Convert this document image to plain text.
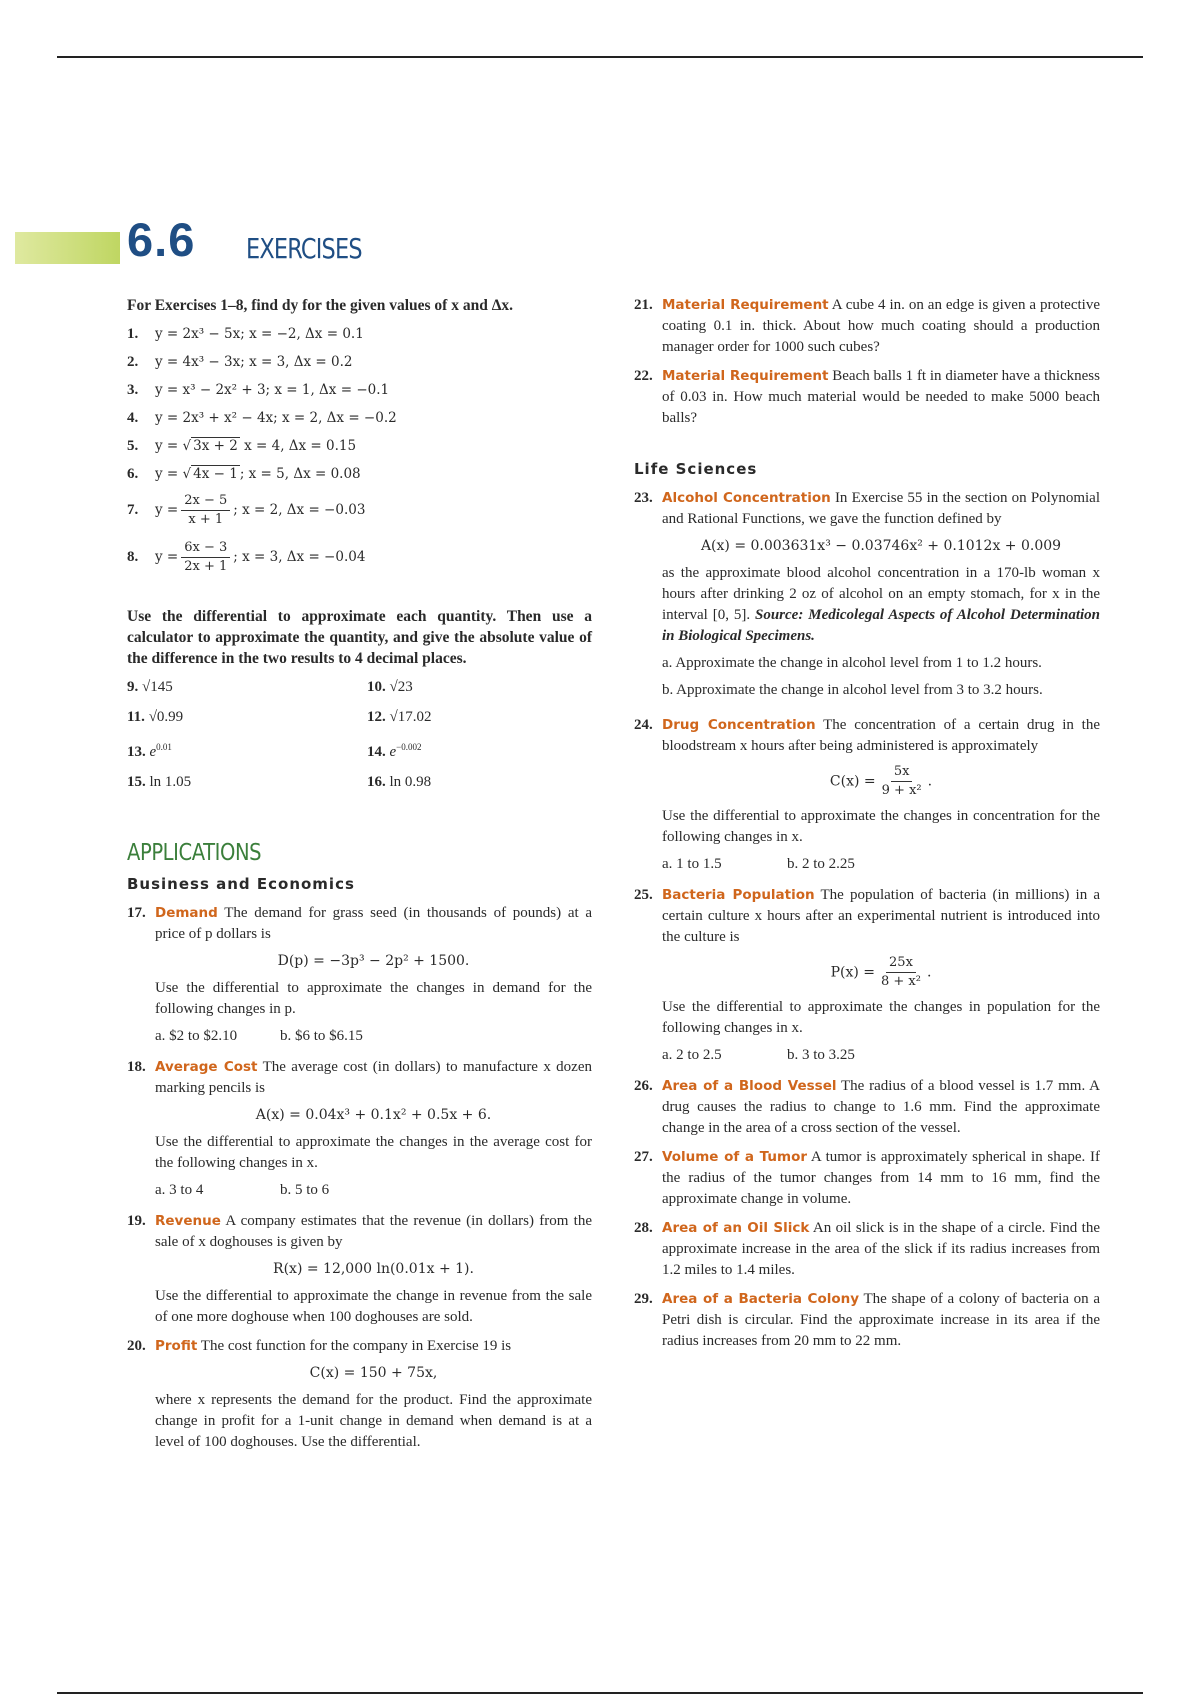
6.6 EXERCISES

For Exercises 1–8, find dy for the given values of x and Δx.

1.	y = 2x³ − 5x; x = −2, Δx = 0.1
2.	y = 4x³ − 3x; x = 3, Δx = 0.2
3.	y = x³ − 2x² + 3; x = 1, Δx = −0.1
4.	y = 2x³ + x² − 4x; x = 2, Δx = −0.2
5.	y = √ 3x + 2 x = 4, Δx = 0.15
6.	y = √ 4x − 1 ; x = 5, Δx = 0.08
7.	$y = \frac{2x - 5}{x + 1}$ ; x = 2, Δx = −0.03
8.	$y = \frac{6x - 3}{2x + 1}$ ; x = 3, Δx = −0.04

Use the differential to approximate each quantity. Then use a calculator to approximate the quantity, and give the absolute value of the difference in the two results to 4 decimal places.

9. √145	10. √23
11. √0.99	12. √17.02
13. $e^{0.01}$	14. $e^{-0.002}$
15. ln 1.05	16. ln 0.98
APPLICATIONS
Business and Economics
17. Demand The demand for grass seed (in thousands of pounds) at a price of p dollars is
D(p) = −3p³ − 2p² + 1500.
Use the differential to approximate the changes in demand for the following changes in p.
a. $2 to $2.10	b. $6 to $6.15
18. Average Cost The average cost (in dollars) to manufacture x dozen marking pencils is
A(x) = 0.04x³ + 0.1x² + 0.5x + 6.
Use the differential to approximate the changes in the average cost for the following changes in x.
a. 3 to 4	b. 5 to 6
19. Revenue A company estimates that the revenue (in dollars) from the sale of x doghouses is given by
R(x) = 12,000 ln(0.01x + 1).
Use the differential to approximate the change in revenue from the sale of one more doghouse when 100 doghouses are sold.
20. Profit The cost function for the company in Exercise 19 is
C(x) = 150 + 75x,
where x represents the demand for the product. Find the approximate change in profit for a 1-unit change in demand when demand is at a level of 100 doghouses. Use the differential.
21. Material Requirement A cube 4 in. on an edge is given a protective coating 0.1 in. thick. About how much coating should a production manager order for 1000 such cubes?
22. Material Requirement Beach balls 1 ft in diameter have a thickness of 0.03 in. How much material would be needed to make 5000 beach balls?
Life Sciences
23. Alcohol Concentration In Exercise 55 in the section on Polynomial and Rational Functions, we gave the function defined by
A(x) = 0.003631x³ − 0.03746x² + 0.1012x + 0.009
as the approximate blood alcohol concentration in a 170-lb woman x hours after drinking 2 oz of alcohol on an empty stomach, for x in the interval [0, 5]. Source: Medicolegal Aspects of Alcohol Determination in Biological Specimens.
a. Approximate the change in alcohol level from 1 to 1.2 hours.
b. Approximate the change in alcohol level from 3 to 3.2 hours.
24. Drug Concentration The concentration of a certain drug in the bloodstream x hours after being administered is approximately
$C(x) = \frac{5x}{\text{9 + x²}}$ .
Use the differential to approximate the changes in concentration for the following changes in x.
a. 1 to 1.5	b. 2 to 2.25
25. Bacteria Population The population of bacteria (in millions) in a certain culture x hours after an experimental nutrient is introduced into the culture is
$P(x) = \frac{25x}{\text{8 + x²}}$ .
Use the differential to approximate the changes in population for the following changes in x.
a. 2 to 2.5	b. 3 to 3.25
26. Area of a Blood Vessel The radius of a blood vessel is 1.7 mm. A drug causes the radius to change to 1.6 mm. Find the approximate change in the area of a cross section of the vessel.
27. Volume of a Tumor A tumor is approximately spherical in shape. If the radius of the tumor changes from 14 mm to 16 mm, find the approximate change in volume.
28. Area of an Oil Slick An oil slick is in the shape of a circle. Find the approximate increase in the area of the slick if its radius increases from 1.2 miles to 1.4 miles.
29. Area of a Bacteria Colony The shape of a colony of bacteria on a Petri dish is circular. Find the approximate increase in its area if the radius increases from 20 mm to 22 mm.
